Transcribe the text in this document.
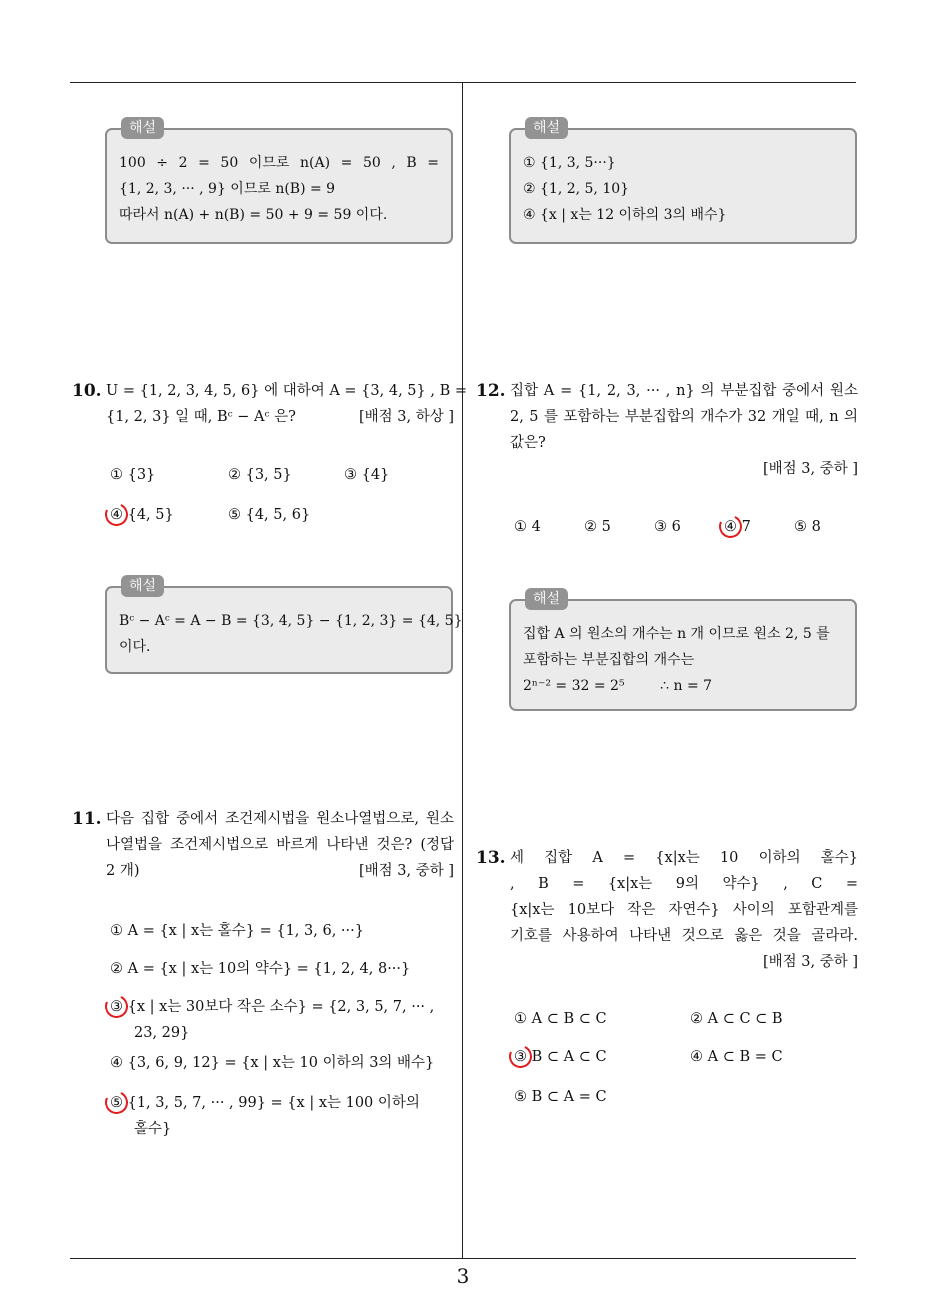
3
해설
100 ÷ 2 = 50 이므로 n(A) = 50 , B =
{1, 2, 3, ··· , 9} 이므로 n(B) = 9
따라서 n(A) + n(B) = 50 + 9 = 59 이다.
해설
① {1, 3, 5···}
② {1, 2, 5, 10}
④ {x | x는 12 이하의 3의 배수}
10. U = {1, 2, 3, 4, 5, 6} 에 대하여 A = {3, 4, 5} , B =
{1, 2, 3} 일 때, Bᶜ − Aᶜ 은?	[배점 3, 하상 ]
① {3}	② {3, 5}	③ {4}
④ {4, 5}	⑤ {4, 5, 6}
해설
Bᶜ − Aᶜ = A − B = {3, 4, 5} − {1, 2, 3} = {4, 5}
이다.
11. 다음 집합 중에서 조건제시법을 원소나열법으로, 원소
나열법을 조건제시법으로 바르게 나타낸 것은? (정답
2 개)	[배점 3, 중하 ]
① A = {x | x는 홀수} = {1, 3, 6, ···}
② A = {x | x는 10의 약수} = {1, 2, 4, 8···}
③ {x | x는 30보다 작은 소수} = {2, 3, 5, 7, ··· ,
23, 29}
④ {3, 6, 9, 12} = {x | x는 10 이하의 3의 배수}
⑤ {1, 3, 5, 7, ··· , 99} = {x | x는 100 이하의
홀수}
12. 집합 A = {1, 2, 3, ··· , n} 의 부분집합 중에서 원소
2, 5 를 포함하는 부분집합의 개수가 32 개일 때, n 의
값은?
[배점 3, 중하 ]
① 4	② 5	③ 6	④ 7	⑤ 8
해설
집합 A 의 원소의 개수는 n 개 이므로 원소 2, 5 를
포함하는 부분집합의 개수는
2ⁿ⁻² = 32 = 2⁵        ∴ n = 7
13. 세 집합 A = {x|x는 10 이하의 홀수}
, B = {x|x는 9의 약수} , C =
{x|x는 10보다 작은 자연수} 사이의 포함관계를
기호를 사용하여 나타낸 것으로 옳은 것을 골라라.
[배점 3, 중하 ]
① A ⊂ B ⊂ C	② A ⊂ C ⊂ B
③ B ⊂ A ⊂ C	④ A ⊂ B = C
⑤ B ⊂ A = C
